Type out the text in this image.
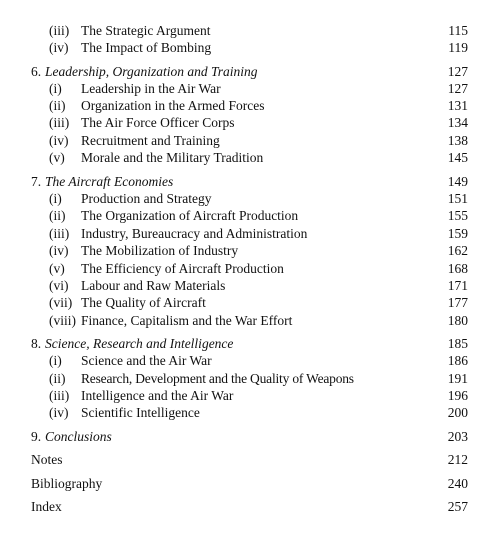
(iii) The Strategic Argument	115
(iv) The Impact of Bombing	119
6. Leadership, Organization and Training	127
(i) Leadership in the Air War	127
(ii) Organization in the Armed Forces	131
(iii) The Air Force Officer Corps	134
(iv) Recruitment and Training	138
(v) Morale and the Military Tradition	145
7. The Aircraft Economies	149
(i) Production and Strategy	151
(ii) The Organization of Aircraft Production	155
(iii) Industry, Bureaucracy and Administration	159
(iv) The Mobilization of Industry	162
(v) The Efficiency of Aircraft Production	168
(vi) Labour and Raw Materials	171
(vii) The Quality of Aircraft	177
(viii) Finance, Capitalism and the War Effort	180
8. Science, Research and Intelligence	185
(i) Science and the Air War	186
(ii) Research, Development and the Quality of Weapons	191
(iii) Intelligence and the Air War	196
(iv) Scientific Intelligence	200
9. Conclusions	203
Notes	212
Bibliography	240
Index	257
